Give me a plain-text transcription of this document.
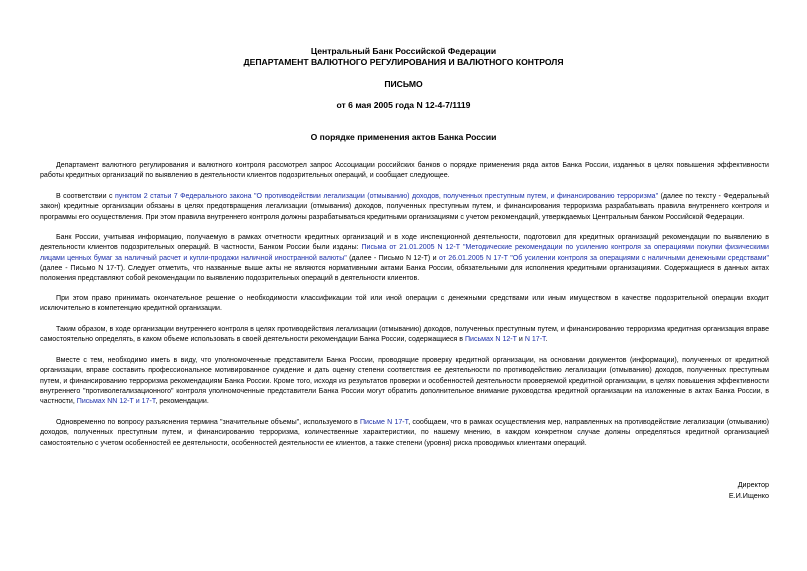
Центральный Банк Российской Федерации
ДЕПАРТАМЕНТ ВАЛЮТНОГО РЕГУЛИРОВАНИЯ И ВАЛЮТНОГО КОНТРОЛЯ
ПИСЬМО
от 6 мая 2005 года N 12-4-7/1119
О порядке применения актов Банка России
Департамент валютного регулирования и валютного контроля рассмотрел запрос Ассоциации российских банков о порядке применения ряда актов Банка России, изданных в целях повышения эффективности работы кредитных организаций по выявлению в деятельности клиентов подозрительных операций, и сообщает следующее.
В соответствии с пунктом 2 статьи 7 Федерального закона "О противодействии легализации (отмыванию) доходов, полученных преступным путем, и финансированию терроризма" (далее по тексту - Федеральный закон) кредитные организации обязаны в целях предотвращения легализации (отмывания) доходов, полученных преступным путем, и финансирования терроризма разрабатывать правила внутреннего контроля и программы его осуществления. При этом правила внутреннего контроля должны разрабатываться кредитными организациями с учетом рекомендаций, утверждаемых Центральным банком Российской Федерации.
Банк России, учитывая информацию, получаемую в рамках отчетности кредитных организаций и в ходе инспекционной деятельности, подготовил для кредитных организаций рекомендации по выявлению в деятельности клиентов подозрительных операций. В частности, Банком России были изданы: Письма от 21.01.2005 N 12-Т "Методические рекомендации по усилению контроля за операциями покупки физическими лицами ценных бумаг за наличный расчет и купли-продажи наличной иностранной валюты" (далее - Письмо N 12-Т) и от 26.01.2005 N 17-Т "Об усилении контроля за операциями с наличными денежными средствами" (далее - Письмо N 17-Т). Следует отметить, что названные выше акты не являются нормативными актами Банка России, обязательными для исполнения кредитными организациями. Содержащиеся в данных актах положения представляют собой рекомендации по выявлению подозрительных операций в деятельности клиентов.
При этом право принимать окончательное решение о необходимости классификации той или иной операции с денежными средствами или иным имуществом в качестве подозрительной операции входит исключительно в компетенцию кредитной организации.
Таким образом, в ходе организации внутреннего контроля в целях противодействия легализации (отмыванию) доходов, полученных преступным путем, и финансированию терроризма кредитная организация вправе самостоятельно определять, в каком объеме использовать в своей деятельности рекомендации Банка России, содержащиеся в Письмах N 12-Т и N 17-Т.
Вместе с тем, необходимо иметь в виду, что уполномоченные представители Банка России, проводящие проверку кредитной организации, на основании документов (информации), полученных от кредитной организации, вправе составить профессиональное мотивированное суждение и дать оценку степени соответствия ее деятельности по противодействию легализации (отмыванию) доходов, полученных преступным путем, и финансированию терроризма рекомендациям Банка России. Кроме того, исходя из результатов проверки и особенностей деятельности проверяемой кредитной организации, в целях повышения эффективности внутреннего "противолегализационного" контроля уполномоченные представители Банка России могут обратить дополнительное внимание руководства кредитной организации на изложенные в актах Банка России, в частности, Письмах NN 12-Т и 17-Т, рекомендации.
Одновременно по вопросу разъяснения термина "значительные объемы", используемого в Письме N 17-Т, сообщаем, что в рамках осуществления мер, направленных на противодействие легализации (отмыванию) доходов, полученных преступным путем, и финансированию терроризма, количественные характеристики, по нашему мнению, в каждом конкретном случае должны определяться кредитной организацией самостоятельно с учетом особенностей ее деятельности, особенностей деятельности ее клиентов, а также степени (уровня) риска проводимых клиентами операций.
Директор
Е.И.Ищенко
